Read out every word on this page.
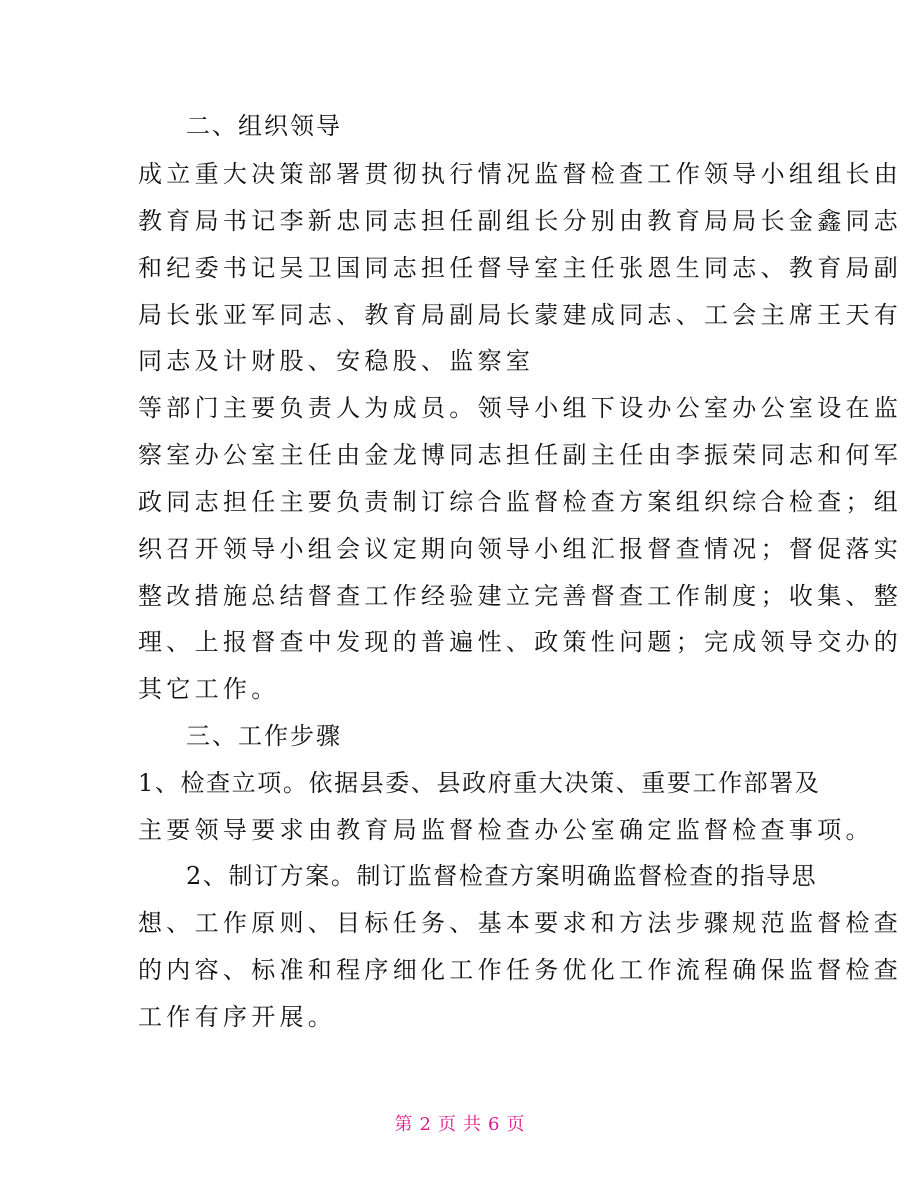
二、组织领导
成立重大决策部署贯彻执行情况监督检查工作领导小组组长由
教育局书记李新忠同志担任副组长分别由教育局局长金鑫同志
和纪委书记吴卫国同志担任督导室主任张恩生同志、教育局副
局长张亚军同志、教育局副局长蒙建成同志、工会主席王天有
同志及计财股、安稳股、监察室
等部门主要负责人为成员。领导小组下设办公室办公室设在监
察室办公室主任由金龙博同志担任副主任由李振荣同志和何军
政同志担任主要负责制订综合监督检查方案组织综合检查；组
织召开领导小组会议定期向领导小组汇报督查情况；督促落实
整改措施总结督查工作经验建立完善督查工作制度；收集、整
理、上报督查中发现的普遍性、政策性问题；完成领导交办的
其它工作。
三、工作步骤
1、检查立项。依据县委、县政府重大决策、重要工作部署及
主要领导要求由教育局监督检查办公室确定监督检查事项。
2、制订方案。制订监督检查方案明确监督检查的指导思
想、工作原则、目标任务、基本要求和方法步骤规范监督检查
的内容、标准和程序细化工作任务优化工作流程确保监督检查
工作有序开展。
第 2 页 共 6 页
